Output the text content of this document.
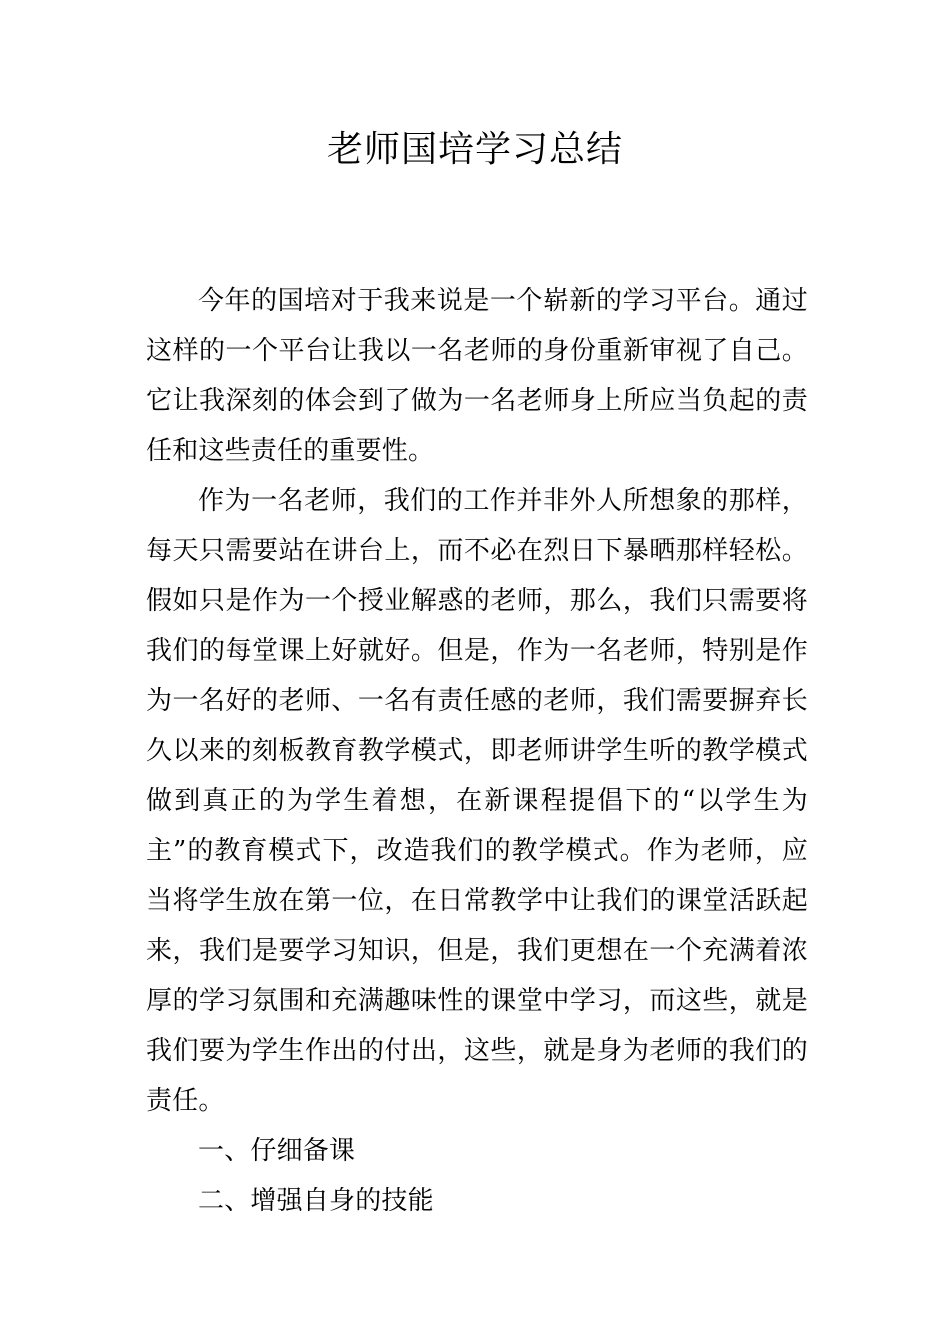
老师国培学习总结

今年的国培对于我来说是一个崭新的学习平台。通过这样的一个平台让我以一名老师的身份重新审视了自己。它让我深刻的体会到了做为一名老师身上所应当负起的责任和这些责任的重要性。

作为一名老师，我们的工作并非外人所想象的那样，每天只需要站在讲台上，而不必在烈日下暴晒那样轻松。假如只是作为一个授业解惑的老师，那么，我们只需要将我们的每堂课上好就好。但是，作为一名老师，特别是作为一名好的老师、一名有责任感的老师，我们需要摒弃长久以来的刻板教育教学模式，即老师讲学生听的教学模式做到真正的为学生着想，在新课程提倡下的“以学生为主”的教育模式下，改造我们的教学模式。作为老师，应当将学生放在第一位，在日常教学中让我们的课堂活跃起来，我们是要学习知识，但是，我们更想在一个充满着浓厚的学习氛围和充满趣味性的课堂中学习，而这些，就是我们要为学生作出的付出，这些，就是身为老师的我们的责任。

一、仔细备课

二、增强自身的技能
